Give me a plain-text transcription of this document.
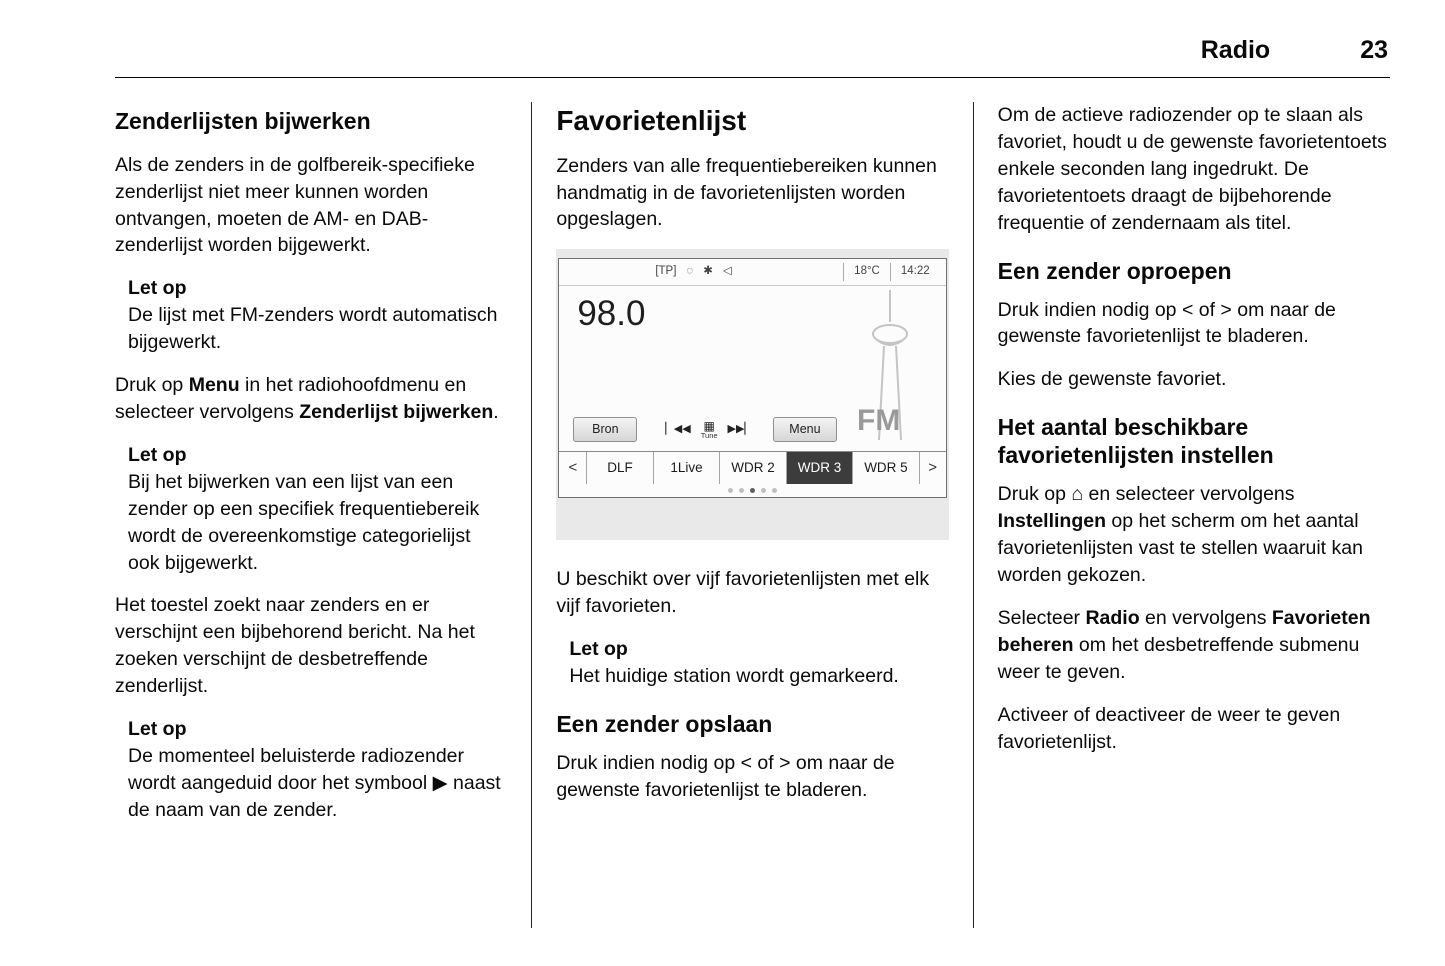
Radio	23
Zenderlijsten bijwerken

Als de zenders in de golfbereik-specifieke zenderlijst niet meer kunnen worden ontvangen, moeten de AM- en DAB-zenderlijst worden bijgewerkt.

Let op
De lijst met FM-zenders wordt automatisch bijgewerkt.

Druk op Menu in het radiohoofdmenu en selecteer vervolgens Zenderlijst bijwerken.

Let op
Bij het bijwerken van een lijst van een zender op een specifiek frequentiebereik wordt de overeenkomstige categorielijst ook bijgewerkt.

Het toestel zoekt naar zenders en er verschijnt een bijbehorend bericht. Na het zoeken verschijnt de desbetreffende zenderlijst.

Let op
De momenteel beluisterde radiozender wordt aangeduid door het symbool ▶ naast de naam van de zender.
Favorietenlijst

Zenders van alle frequentiebereiken kunnen handmatig in de favorietenlijsten worden opgeslagen.

[TP] ◌ ✱ ◁	18°C	14:22
98.0
FM
Bron	▏◀◀ ▦
Tune
▶▶▏	Menu
<	DLF	1Live	WDR 2	WDR 3	WDR 5	>

U beschikt over vijf favorietenlijsten met elk vijf favorieten.

Let op
Het huidige station wordt gemarkeerd.
Een zender opslaan

Druk indien nodig op < of > om naar de gewenste favorietenlijst te bladeren.

Om de actieve radiozender op te slaan als favoriet, houdt u de gewenste favorietentoets enkele seconden lang ingedrukt. De favorietentoets draagt de bijbehorende frequentie of zendernaam als titel.

Een zender oproepen

Druk indien nodig op < of > om naar de gewenste favorietenlijst te bladeren.

Kies de gewenste favoriet.

Het aantal beschikbare favorietenlijsten instellen

Druk op ⌂ en selecteer vervolgens Instellingen op het scherm om het aantal favorietenlijsten vast te stellen waaruit kan worden gekozen.

Selecteer Radio en vervolgens Favorieten beheren om het desbetreffende submenu weer te geven.

Activeer of deactiveer de weer te geven favorietenlijst.
